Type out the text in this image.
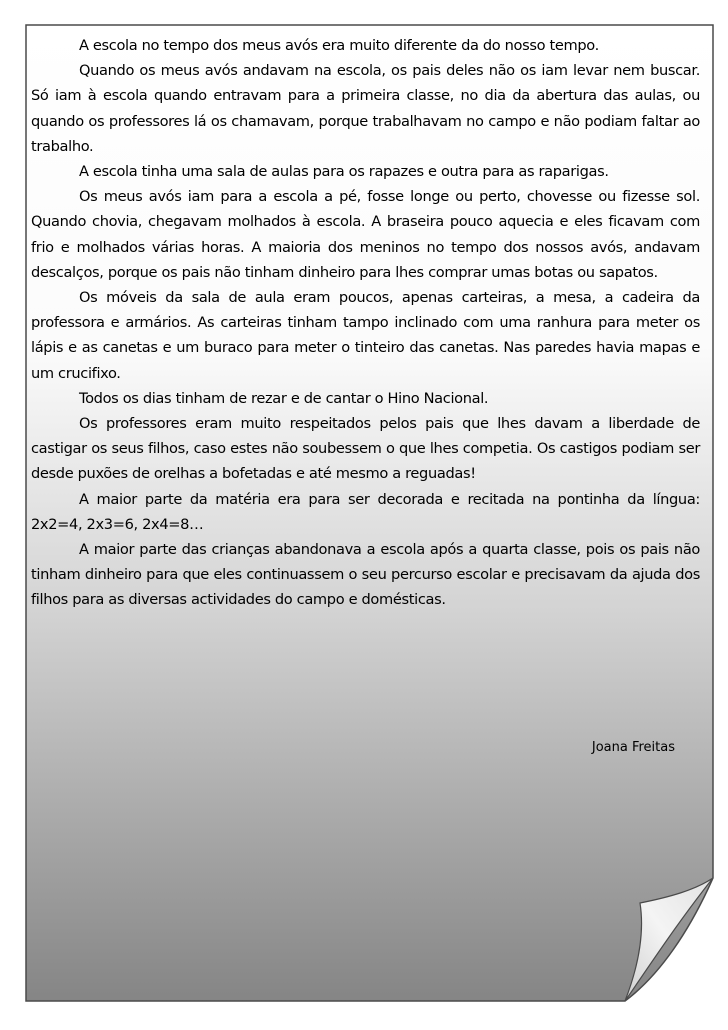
A escola no tempo dos meus avós era muito diferente da do nosso tempo.

Quando os meus avós andavam na escola, os pais deles não os iam levar nem buscar. Só iam à escola quando entravam para a primeira classe, no dia da abertura das aulas, ou quando os professores lá os chamavam, porque trabalhavam no campo e não podiam faltar ao trabalho.

A escola tinha uma sala de aulas para os rapazes e outra para as raparigas.

Os meus avós iam para a escola a pé, fosse longe ou perto, chovesse ou fizesse sol. Quando chovia, chegavam molhados à escola. A braseira pouco aquecia e eles ficavam com frio e molhados várias horas. A maioria dos meninos no tempo dos nossos avós, andavam descalços, porque os pais não tinham dinheiro para lhes comprar umas botas ou sapatos.

Os móveis da sala de aula eram poucos, apenas carteiras, a mesa, a cadeira da professora e armários. As carteiras tinham tampo inclinado com uma ranhura para meter os lápis e as canetas e um buraco para meter o tinteiro das canetas. Nas paredes havia mapas e um crucifixo.

Todos os dias tinham de rezar e de cantar o Hino Nacional.

Os professores eram muito respeitados pelos pais que lhes davam a liberdade de castigar os seus filhos, caso estes não soubessem o que lhes competia. Os castigos podiam ser desde puxões de orelhas a bofetadas e até mesmo a reguadas!

A maior parte da matéria era para ser decorada e recitada na pontinha da língua: 2x2=4, 2x3=6, 2x4=8…

A maior parte das crianças abandonava a escola após a quarta classe, pois os pais não tinham dinheiro para que eles continuassem o seu percurso escolar e precisavam da ajuda dos filhos para as diversas actividades do campo e domésticas.

Joana Freitas
